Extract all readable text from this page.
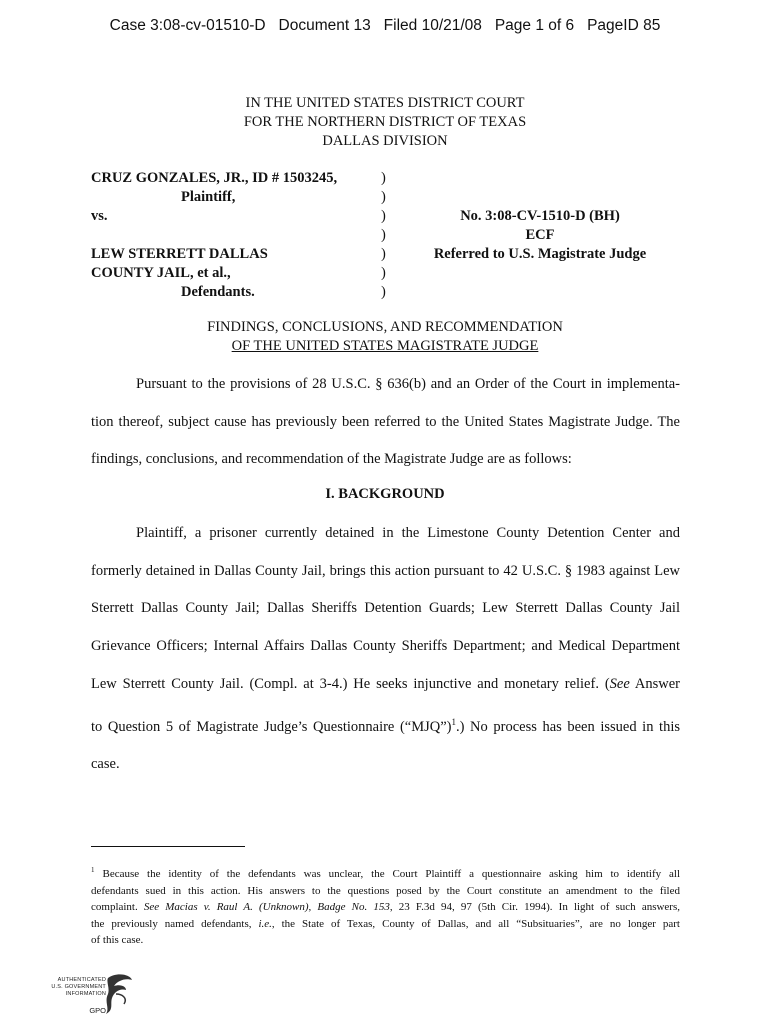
Case 3:08-cv-01510-D Document 13 Filed 10/21/08 Page 1 of 6 PageID 85
IN THE UNITED STATES DISTRICT COURT
FOR THE NORTHERN DISTRICT OF TEXAS
DALLAS DIVISION
CRUZ GONZALES, JR., ID # 1503245,
Plaintiff,
vs.

LEW STERRETT DALLAS
COUNTY JAIL, et al.,
Defendants.
)
)
)
)
)
)
)
No. 3:08-CV-1510-D (BH)
ECF
Referred to U.S. Magistrate Judge
FINDINGS, CONCLUSIONS, AND RECOMMENDATION
OF THE UNITED STATES MAGISTRATE JUDGE
Pursuant to the provisions of 28 U.S.C. § 636(b) and an Order of the Court in implementa-
tion thereof, subject cause has previously been referred to the United States Magistrate Judge. The
findings, conclusions, and recommendation of the Magistrate Judge are as follows:
I. BACKGROUND
Plaintiff, a prisoner currently detained in the Limestone County Detention Center and
formerly detained in Dallas County Jail, brings this action pursuant to 42 U.S.C. § 1983 against Lew
Sterrett Dallas County Jail; Dallas Sheriffs Detention Guards; Lew Sterrett Dallas County Jail
Grievance Officers; Internal Affairs Dallas County Sheriffs Department; and Medical Department
Lew Sterrett County Jail. (Compl. at 3-4.) He seeks injunctive and monetary relief. (See Answer
to Question 5 of Magistrate Judge’s Questionnaire (“MJQ”)$^1$.) No process has been issued in this
case.
$^1$ Because the identity of the defendants was unclear, the Court Plaintiff a questionnaire asking him to identify all
defendants sued in this action. His answers to the questions posed by the Court constitute an amendment to the filed
complaint. See Macias v. Raul A. (Unknown), Badge No. 153, 23 F.3d 94, 97 (5th Cir. 1994). In light of such answers,
the previously named defendants, i.e., the State of Texas, County of Dallas, and all “Subsituaries”, are no longer part
of this case.
AUTHENTICATED
U.S. GOVERNMENT
INFORMATION
GPO
